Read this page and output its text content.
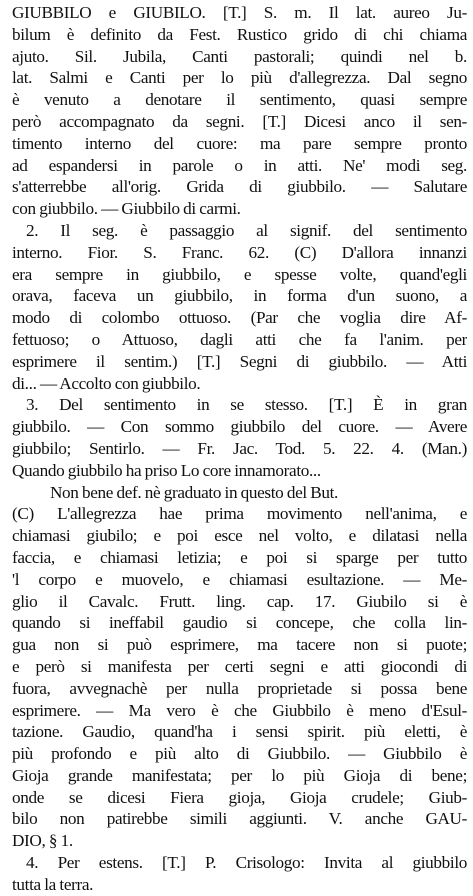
GIUBBILO e GIUBILO. [T.] S. m. Il lat. aureo Ju-
bilum è definito da Fest. Rustico grido di chi chiama
ajuto. Sil. Jubila, Canti pastorali; quindi nel b.
lat. Salmi e Canti per lo più d'allegrezza. Dal segno
è venuto a denotare il sentimento, quasi sempre
però accompagnato da segni. [T.] Dicesi anco il sen-
timento interno del cuore: ma pare sempre pronto
ad espandersi in parole o in atti. Ne' modi seg.
s'atterrebbe all'orig. Grida di giubbilo. — Salutare
con giubbilo. — Giubbilo di carmi.
2. Il seg. è passaggio al signif. del sentimento
interno. Fior. S. Franc. 62. (C) D'allora innanzi
era sempre in giubbilo, e spesse volte, quand'egli
orava, faceva un giubbilo, in forma d'un suono, a
modo di colombo ottuoso. (Par che voglia dire Af-
fettuoso; o Attuoso, dagli atti che fa l'anim. per
esprimere il sentim.) [T.] Segni di giubbilo. — Atti
di... — Accolto con giubbilo.
3. Del sentimento in se stesso. [T.] È in gran
giubbilo. — Con sommo giubbilo del cuore. — Avere
giubbilo; Sentirlo. — Fr. Jac. Tod. 5. 22. 4. (Man.)
Quando giubbilo ha priso Lo core innamorato...
Non bene def. nè graduato in questo del But.
(C) L'allegrezza hae prima movimento nell'anima, e
chiamasi giubilo; e poi esce nel volto, e dilatasi nella
faccia, e chiamasi letizia; e poi si sparge per tutto
'l corpo e muovelo, e chiamasi esultazione. — Me-
glio il Cavalc. Frutt. ling. cap. 17. Giubilo si è
quando si ineffabil gaudio si concepe, che colla lin-
gua non si può esprimere, ma tacere non si puote;
e però si manifesta per certi segni e atti giocondi di
fuora, avvegnachè per nulla proprietade si possa bene
esprimere. — Ma vero è che Giubbilo è meno d'Esul-
tazione. Gaudio, quand'ha i sensi spirit. più eletti, è
più profondo e più alto di Giubbilo. — Giubbilo è
Gioja grande manifestata; per lo più Gioja di bene;
onde se dicesi Fiera gioja, Gioja crudele; Giub-
bilo non patirebbe simili aggiunti. V. anche GAU-
DIO, § 1.
4. Per estens. [T.] P. Crisologo: Invita al giubbilo
tutta la terra.
